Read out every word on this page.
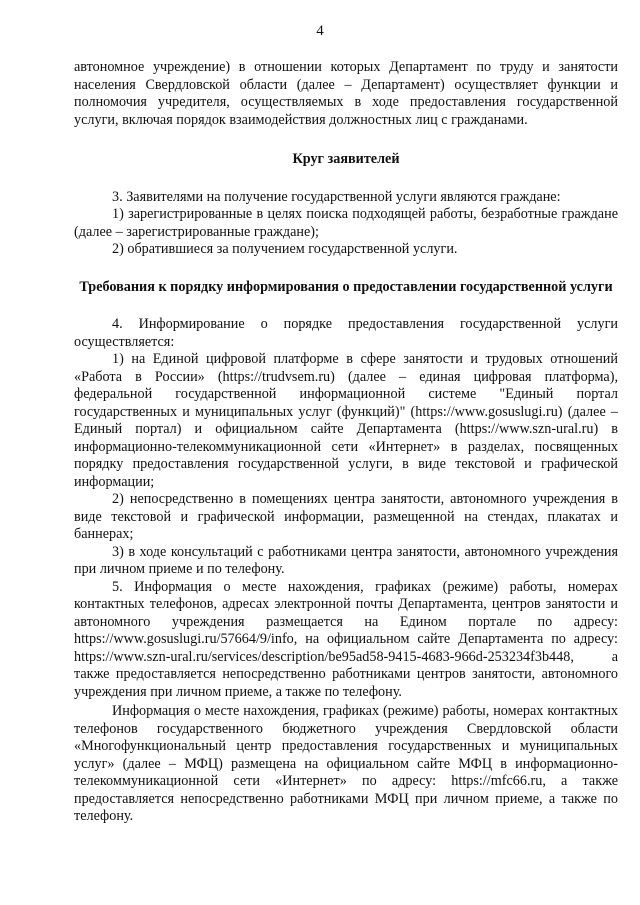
4

автономное учреждение) в отношении которых Департамент по труду и занятости населения Свердловской области (далее – Департамент) осуществляет функции и полномочия учредителя, осуществляемых в ходе предоставления государственной услуги, включая порядок взаимодействия должностных лиц с гражданами.

Круг заявителей

3. Заявителями на получение государственной услуги являются граждане:

1) зарегистрированные в целях поиска подходящей работы, безработные граждане (далее – зарегистрированные граждане);

2) обратившиеся за получением государственной услуги.

Требования к порядку информирования о предоставлении государственной услуги

4. Информирование о порядке предоставления государственной услуги осуществляется:

1) на Единой цифровой платформе в сфере занятости и трудовых отношений «Работа в России» (https://trudvsem.ru) (далее – единая цифровая платформа), федеральной государственной информационной системе "Единый портал государственных и муниципальных услуг (функций)" (https://www.gosuslugi.ru) (далее – Единый портал) и официальном сайте Департамента (https://www.szn-ural.ru) в информационно-телекоммуникационной сети «Интернет» в разделах, посвященных порядку предоставления государственной услуги, в виде текстовой и графической информации;

2) непосредственно в помещениях центра занятости, автономного учреждения в виде текстовой и графической информации, размещенной на стендах, плакатах и баннерах;

3) в ходе консультаций с работниками центра занятости, автономного учреждения при личном приеме и по телефону.

5. Информация о месте нахождения, графиках (режиме) работы, номерах контактных телефонов, адресах электронной почты Департамента, центров занятости и автономного учреждения размещается на Едином портале по адресу: https://www.gosuslugi.ru/57664/9/info, на официальном сайте Департамента по адресу: https://www.szn-ural.ru/services/description/be95ad58-9415-4683-966d-253234f3b448, а также предоставляется непосредственно работниками центров занятости, автономного учреждения при личном приеме, а также по телефону.

Информация о месте нахождения, графиках (режиме) работы, номерах контактных телефонов государственного бюджетного учреждения Свердловской области «Многофункциональный центр предоставления государственных и муниципальных услуг» (далее – МФЦ) размещена на официальном сайте МФЦ в информационно-телекоммуникационной сети «Интернет» по адресу: https://mfc66.ru, а также предоставляется непосредственно работниками МФЦ при личном приеме, а также по телефону.
